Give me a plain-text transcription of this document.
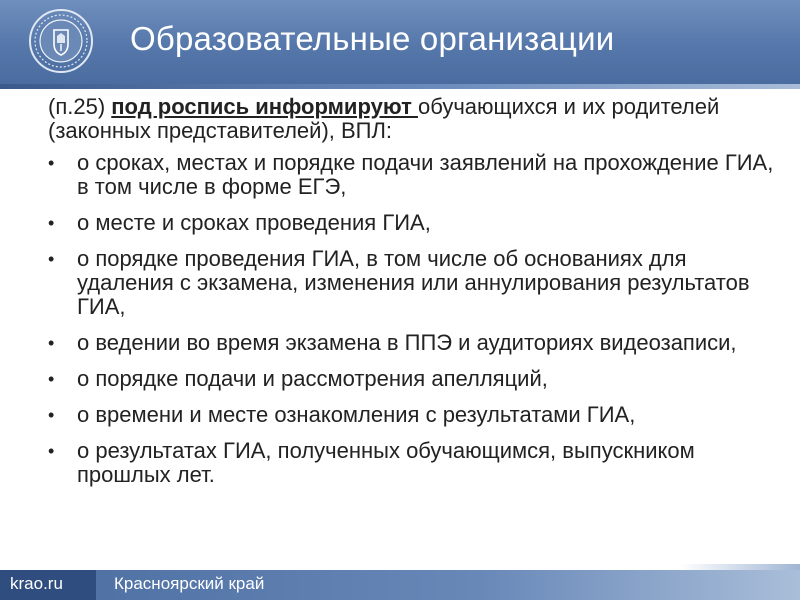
Образовательные организации

(п.25) под роспись информируют обучающихся и их родителей (законных представителей), ВПЛ:

• о сроках, местах и порядке подачи заявлений на прохождение ГИА, в том числе в форме ЕГЭ,
• о месте и сроках проведения ГИА,
• о порядке проведения ГИА, в том числе об основаниях для удаления с экзамена, изменения или аннулирования результатов ГИА,
• о ведении во время экзамена в ППЭ и аудиториях видеозаписи,
• о порядке подачи и рассмотрения апелляций,
• о времени и месте ознакомления с результатами ГИА,
• о результатах ГИА, полученных обучающимся, выпускником прошлых лет.
krao.ru	Красноярский край
